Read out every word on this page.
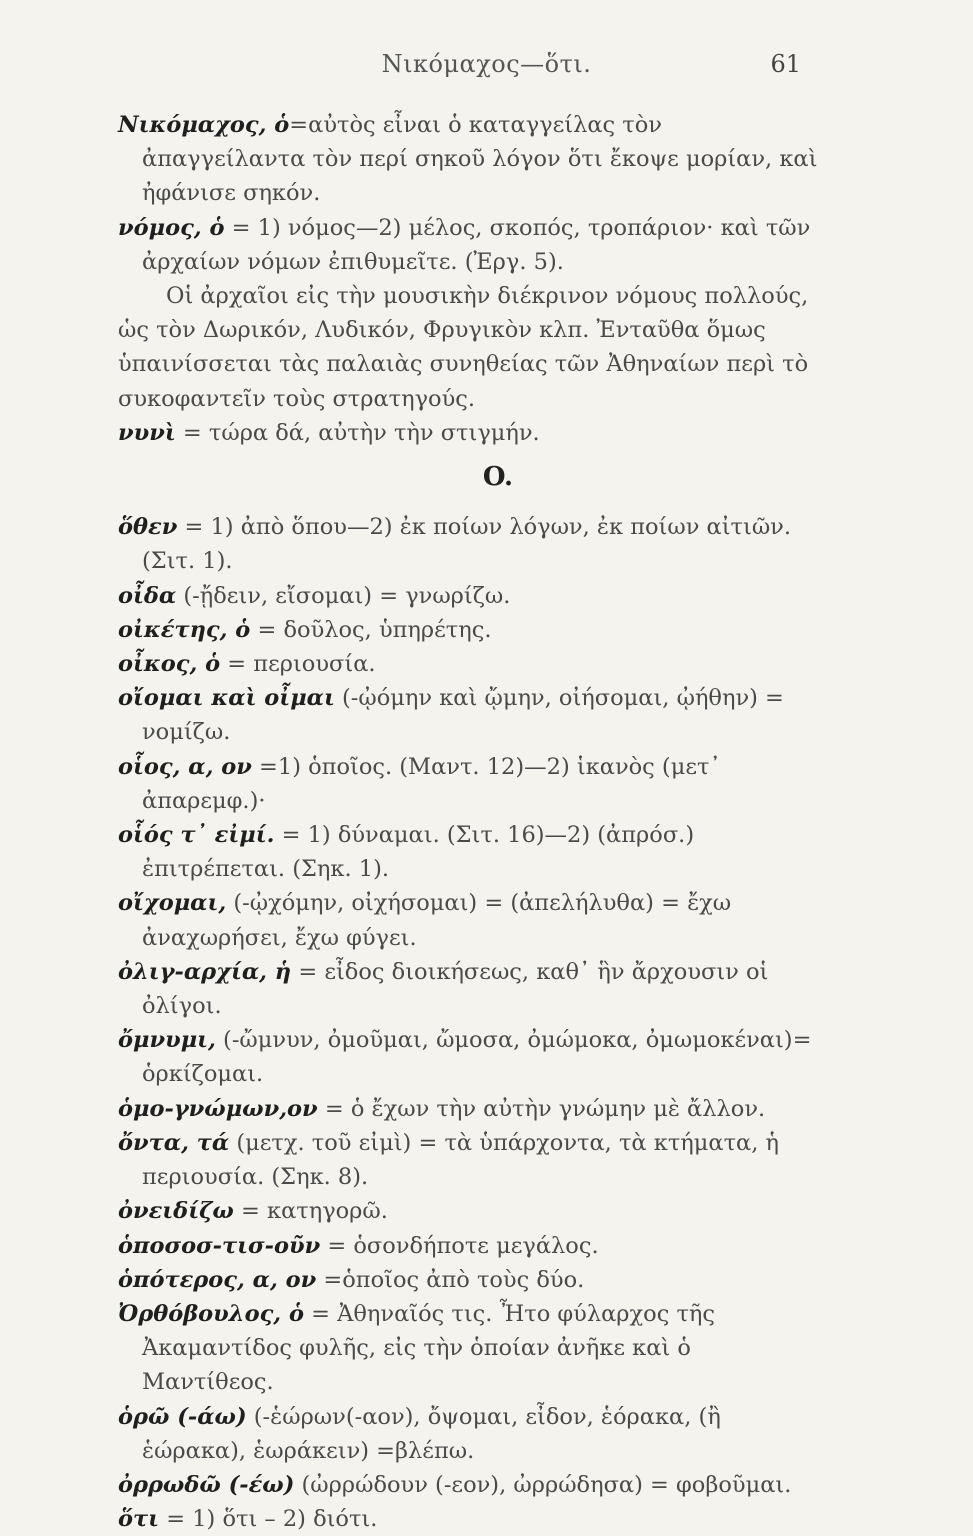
Νικόμαχος—ὅτι.	61

Νικόμαχος, ὁ=αὐτὸς εἶναι ὁ καταγγείλας τὸν ἀπαγγείλαντα τὸν περί σηκοῦ λόγον ὅτι ἔκοψε μορίαν, καὶ ἠφάνισε σηκόν.

νόμος, ὁ = 1) νόμος—2) μέλος, σκοπός, τροπάριον· καὶ τῶν ἀρχαίων νόμων ἐπιθυμεῖτε. (Ἐργ. 5).

Οἱ ἀρχαῖοι εἰς τὴν μουσικὴν διέκρινον νόμους πολλούς, ὡς τὸν Δωρικόν, Λυδικόν, Φρυγικὸν κλπ. Ἐνταῦθα ὅμως ὑπαινίσσεται τὰς παλαιὰς συνηθείας τῶν Ἀθηναίων περὶ τὸ συκοφαντεῖν τοὺς στρατηγούς.

νυνὶ = τώρα δά, αὐτὴν τὴν στιγμήν.

O.

ὅθεν = 1) ἀπὸ ὅπου—2) ἐκ ποίων λόγων, ἐκ ποίων αἰτιῶν. (Σιτ. 1).

οἶδα (-ᾔδειν, εἴσομαι) = γνωρίζω.

οἰκέτης, ὁ = δοῦλος, ὑπηρέτης.

οἶκος, ὁ = περιουσία.

οἴομαι καὶ οἶμαι (-ᾠόμην καὶ ᾤμην, οἰήσομαι, ᾠήθην) = νομίζω.

οἷος, α, ον =1) ὁποῖος. (Μαντ. 12)—2) ἱκανὸς (μετ᾽ ἀπαρεμφ.)·

οἷός τ᾽ εἰμί. = 1) δύναμαι. (Σιτ. 16)—2) (ἀπρόσ.) ἐπιτρέπεται. (Σηκ. 1).

οἴχομαι, (-ᾠχόμην, οἰχήσομαι) = (ἀπελήλυθα) = ἔχω ἀναχωρήσει, ἔχω φύγει.

ὀλιγ-αρχία, ἡ = εἶδος διοικήσεως, καθ᾽ ἣν ἄρχουσιν οἱ ὀλίγοι.

ὄμνυμι, (-ὤμνυν, ὀμοῦμαι, ὤμοσα, ὀμώμοκα, ὀμωμοκέναι)= ὁρκίζομαι.

ὁμο-γνώμων,ον = ὁ ἔχων τὴν αὐτὴν γνώμην μὲ ἄλλον.

ὄντα, τά (μετχ. τοῦ εἰμὶ) = τὰ ὑπάρχοντα, τὰ κτήματα, ἡ περιουσία. (Σηκ. 8).

ὀνειδίζω = κατηγορῶ.

ὁποσοσ-τισ-οῦν = ὁσονδήποτε μεγάλος.

ὁπότερος, α, ον =ὁποῖος ἀπὸ τοὺς δύο.

Ὀρθόβουλος, ὁ = Ἀθηναῖός τις. Ἦτο φύλαρχος τῆς Ἀκαμαντίδος φυλῆς, εἰς τὴν ὁποίαν ἀνῆκε καὶ ὁ Μαντίθεος.

ὁρῶ (-άω) (-ἑώρων(-αον), ὄψομαι, εἶδον, ἑόρακα, (ἢ ἑώρακα), ἑωράκειν) =βλέπω.

ὀρρωδῶ (-έω) (ὠρρώδουν (-εον), ὠρρώδησα) = φοβοῦμαι.

ὅτι = 1) ὅτι – 2) διότι.
